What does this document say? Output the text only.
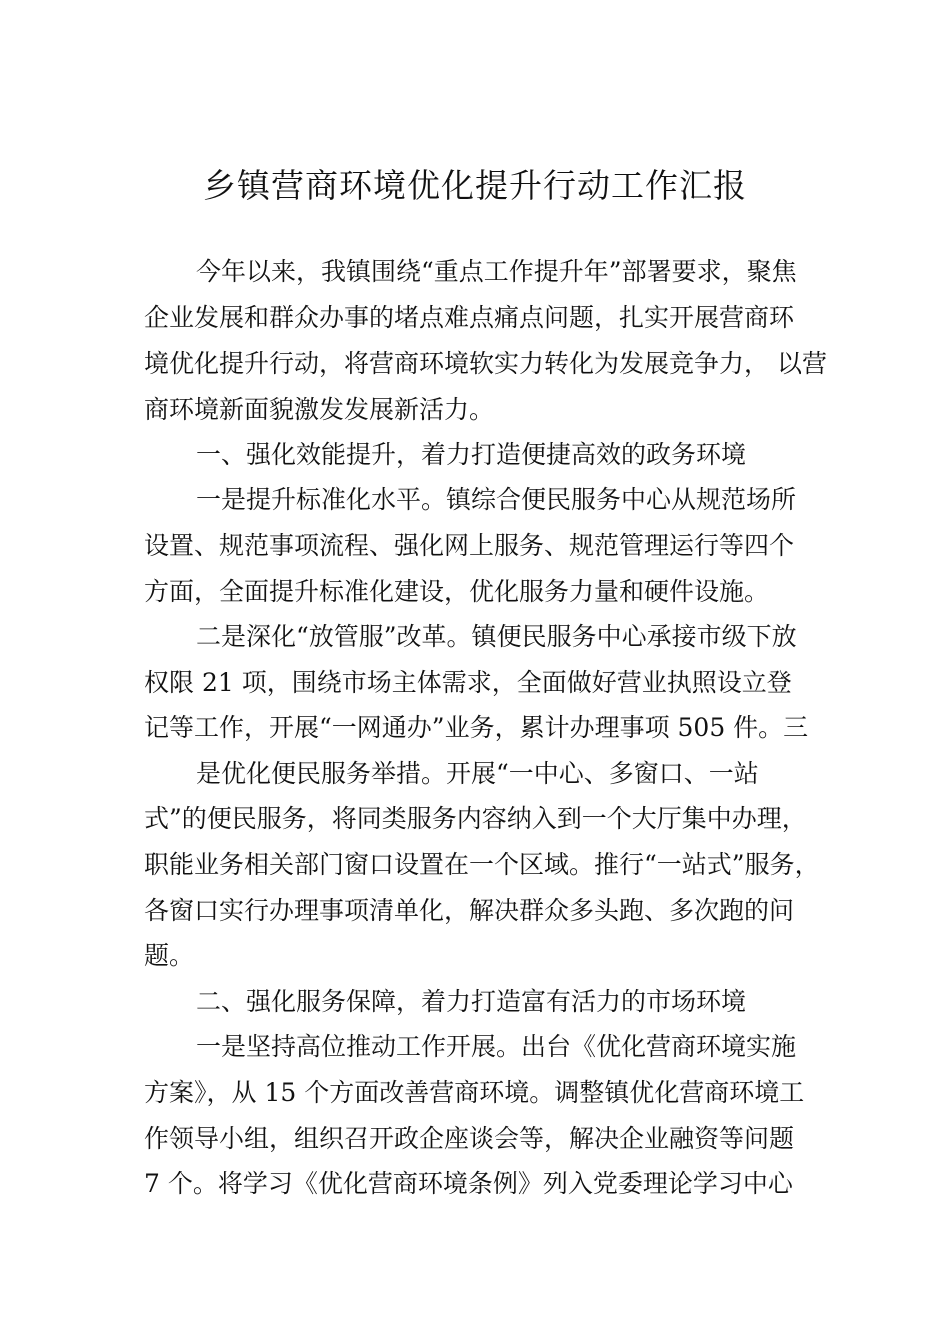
乡镇营商环境优化提升行动工作汇报

今年以来，我镇围绕“重点工作提升年”部署要求，聚焦

企业发展和群众办事的堵点难点痛点问题，扎实开展营商环

境优化提升行动，将营商环境软实力转化为发展竞争力， 以营

商环境新面貌激发发展新活力。

一、强化效能提升，着力打造便捷高效的政务环境

一是提升标准化水平。镇综合便民服务中心从规范场所

设置、规范事项流程、强化网上服务、规范管理运行等四个

方面，全面提升标准化建设，优化服务力量和硬件设施。

二是深化“放管服”改革。镇便民服务中心承接市级下放

权限 21 项，围绕市场主体需求，全面做好营业执照设立登

记等工作，开展“一网通办”业务，累计办理事项 505 件。三

是优化便民服务举措。开展“一中心、多窗口、一站

式”的便民服务，将同类服务内容纳入到一个大厅集中办理，

职能业务相关部门窗口设置在一个区域。推行“一站式”服务，

各窗口实行办理事项清单化，解决群众多头跑、多次跑的问

题。

二、强化服务保障，着力打造富有活力的市场环境

一是坚持高位推动工作开展。出台《优化营商环境实施

方案》，从 15 个方面改善营商环境。调整镇优化营商环境工

作领导小组，组织召开政企座谈会等，解决企业融资等问题

7 个。将学习《优化营商环境条例》列入党委理论学习中心
